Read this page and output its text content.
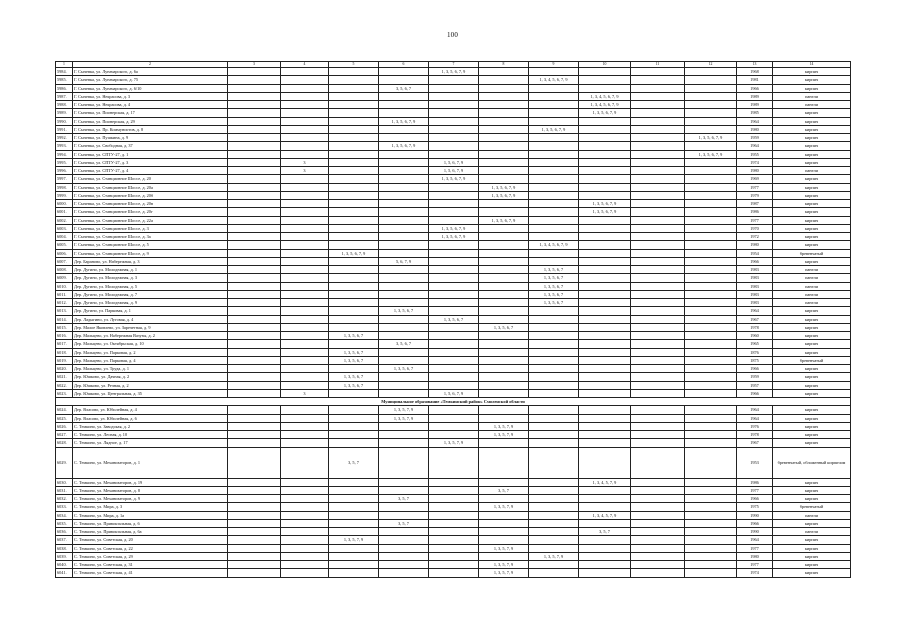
100
1	2	3	4	5	6	7	8	9	10	11	12	13	14
5984.	Г. Сычевка, ул. Луначарского, д. 6а					1, 3, 5, 6, 7, 9						1968	кирпич
5985.	Г. Сычевка, ул. Луначарского, д. 75							1, 3, 4, 5, 6, 7, 9				1981	кирпич
5986.	Г. Сычевка, ул. Луначарского, д. 6/10				3, 5, 6, 7							1966	кирпич
5987.	Г. Сычевка, ул. Некрасова, д. 3								1, 3, 4, 5, 6, 7, 9			1989	панели
5988.	Г. Сычевка, ул. Некрасова, д. 4								1, 3, 4, 5, 6, 7, 9			1989	панели
5989.	Г. Сычевка, ул. Пионерская, д. 17								1, 3, 5, 6, 7, 9			1985	кирпич
5990.	Г. Сычевка, ул. Пионерская, д. 29				1, 3, 5, 6, 7, 9							1964	кирпич
5991.	Г. Сычевка, ул. Пр. Коммунистов, д. 8							1, 3, 5, 6, 7, 9				1980	кирпич
5992.	Г. Сычевка, ул. Пушкина, д. 9										1, 3, 5, 6, 7, 9	1959	кирпич
5993.	Г. Сычевка, ул. Свободная, д. 37				1, 3, 5, 6, 7, 9							1964	кирпич
5994.	Г. Сычевка, ул. СПТУ-27, д. 1										1, 3, 5, 6, 7, 9	1955	кирпич
5995.	Г. Сычевка, ул. СПТУ-27, д. 3		3			1, 5, 6, 7, 9						1974	кирпич
5996.	Г. Сычевка, ул. СПТУ-27, д. 4		3			1, 5, 6, 7, 9						1980	панели
5997.	Г. Сычевка, ул. Станционное Шоссе, д. 20					1, 3, 5, 6, 7, 9						1969	кирпич
5998.	Г. Сычевка, ул. Станционное Шоссе, д. 20а						1, 3, 5, 6, 7, 9					1977	кирпич
5999.	Г. Сычевка, ул. Станционное Шоссе, д. 20б						1, 3, 5, 6, 7, 9					1979	кирпич
6000.	Г. Сычевка, ул. Станционное Шоссе, д. 20в								1, 3, 5, 6, 7, 9			1987	кирпич
6001.	Г. Сычевка, ул. Станционное Шоссе, д. 20г								1, 3, 5, 6, 7, 9			1986	кирпич
6002.	Г. Сычевка, ул. Станционное Шоссе, д. 22а						1, 3, 5, 6, 7, 9					1977	кирпич
6003.	Г. Сычевка, ул. Станционное Шоссе, д. 3					1, 3, 5, 6, 7, 9						1970	кирпич
6004.	Г. Сычевка, ул. Станционное Шоссе, д. 3а					1, 3, 5, 6, 7, 9						1972	кирпич
6005.	Г. Сычевка, ул. Станционное Шоссе, д. 5							1, 3, 4, 5, 6, 7, 9				1980	кирпич
6006.	Г. Сычевка, ул. Станционное Шоссе, д. 9			1, 3, 5, 6, 7, 9								1954	бревенчатый
6007.	Дер. Бараново, ул. Набережная, д. 3				5, 6, 7, 9							1966	кирпич
6008.	Дер. Дугино, ул. Молодежная, д. 1							1, 3, 5, 6, 7				1983	панели
6009.	Дер. Дугино, ул. Молодежная, д. 3							1, 3, 5, 6, 7				1983	панели
6010.	Дер. Дугино, ул. Молодежная, д. 5							1, 3, 5, 6, 7				1983	панели
6011.	Дер. Дугино, ул. Молодежная, д. 7							1, 3, 5, 6, 7				1983	панели
6012.	Дер. Дугино, ул. Молодежная, д. 9							1, 3, 5, 6, 7				1983	панели
6013.	Дер. Дугино, ул. Парковая, д. 1				1, 3, 5, 6, 7							1964	кирпич
6014.	Дер. Ладыгино, ул. Луговая, д. 4					1, 3, 5, 6, 7						1967	кирпич
6015.	Дер. Малое Яковлево, ул. Заречетная, д. 9						1, 3, 5, 6, 7					1978	кирпич
6016.	Дер. Мальцево, ул. Набережная Вазузы, д. 2			1, 3, 5, 6, 7								1960	кирпич
6017.	Дер. Мальцево, ул. Октябрьская, д. 10				3, 5, 6, 7							1965	кирпич
6018.	Дер. Мальцево, ул. Парковая, д. 2			1, 3, 5, 6, 7								1876	кирпич
6019.	Дер. Мальцево, ул. Парковая, д. 4			1, 3, 5, 6, 7								1875	бревенчатый
6020.	Дер. Мальцево, ул. Труда, д. 1				1, 3, 5, 6, 7							1966	кирпич
6021.	Дер. Юшково, ул. Дачная, д. 2			1, 3, 5, 6, 7								1959	кирпич
6022.	Дер. Юшково, ул. Речная, д. 2			1, 3, 5, 6, 7								1957	кирпич
6023.	Дер. Юшково, ул. Центральная, д. 35		3			1, 5, 6, 7, 9						1966	кирпич
Муниципальное образование «Темкинский район» Смоленской области													
6024.	Дер. Власово, ул. Юбилейная, д. 4				1, 3, 5, 7, 9							1964	кирпич
6025.	Дер. Власово, ул. Юбилейная, д. 6				1, 3, 5, 7, 9							1964	кирпич
6026.	С. Темкино, ул. Заводская, д. 2						1, 3, 5, 7, 9					1976	кирпич
6027.	С. Темкино, ул. Лесная, д. 10						1, 3, 5, 7, 9					1978	кирпич
6028.	С. Темкино, ул. Лядное, д. 17					1, 3, 5, 7, 9						1967	кирпич
6029.	С. Темкино, ул. Механизаторов, д. 1			3, 5, 7								1953	бревенчатый, обложенный кирпичом
6030.	С. Темкино, ул. Механизаторов, д. 19								1, 3, 4, 5, 7, 9			1986	кирпич
6031.	С. Темкино, ул. Механизаторов, д. 8						3, 5, 7					1977	кирпич
6032.	С. Темкино, ул. Механизаторов, д. 9				3, 5, 7							1966	кирпич
6033.	С. Темкино, ул. Мира, д. 3						1, 3, 5, 7, 9					1975	бревенчатый
6034.	С. Темкино, ул. Мира, д. 1а								1, 3, 4, 5, 7, 9			1990	панели
6035.	С. Темкино, ул. Привокзальная, д. 6				3, 5, 7							1966	кирпич
6036.	С. Темкино, ул. Привокзальная, д. 6а								3, 5, 7			1990	панели
6037.	С. Темкино, ул. Советская, д. 20			1, 3, 5, 7, 9								1964	кирпич
6038.	С. Темкино, ул. Советская, д. 22						1, 3, 5, 7, 9					1977	кирпич
6039.	С. Темкино, ул. Советская, д. 29							1, 3, 5, 7, 9				1980	кирпич
6040.	С. Темкино, ул. Советская, д. 31						1, 3, 5, 7, 9					1977	кирпич
6041.	С. Темкино, ул. Советская, д. 41						1, 3, 5, 7, 9					1974	кирпич
